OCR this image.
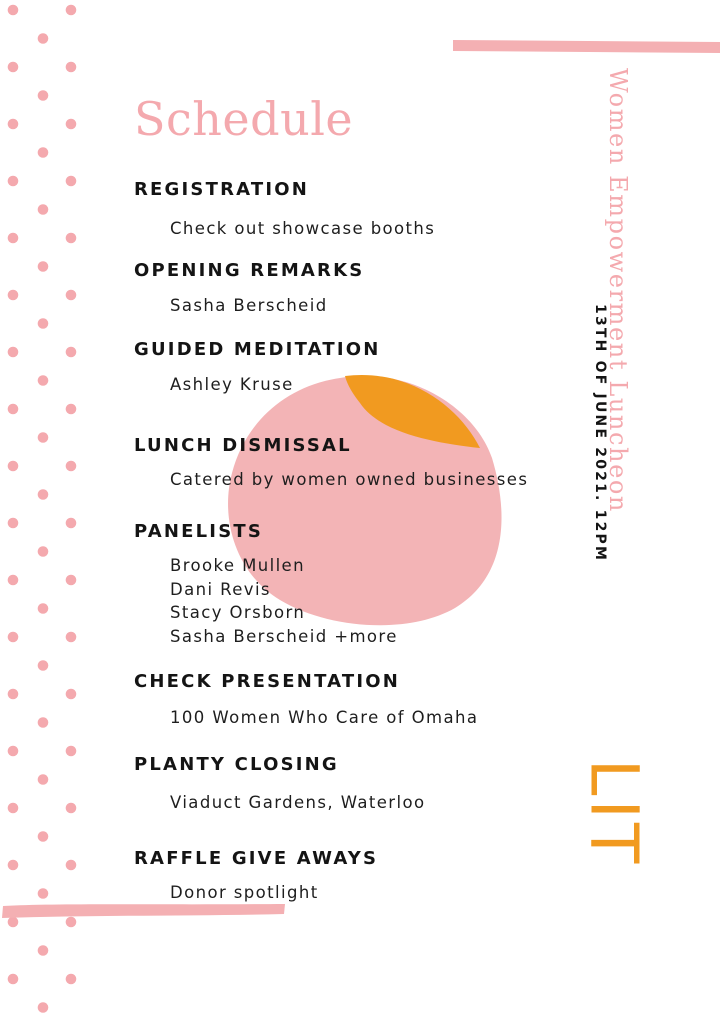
Schedule	Women Empowerment Luncheon
13TH OF JUNE 2021. 12PM
LIT
REGISTRATION
Check out showcase booths
OPENING REMARKS
Sasha Berscheid
GUIDED MEDITATION
Ashley Kruse
LUNCH DISMISSAL
Catered by women owned businesses
PANELISTS
Brooke Mullen
Dani Revis
Stacy Orsborn
Sasha Berscheid +more
CHECK PRESENTATION
100 Women Who Care of Omaha
PLANTY CLOSING
Viaduct Gardens, Waterloo
RAFFLE GIVE AWAYS
Donor spotlight
